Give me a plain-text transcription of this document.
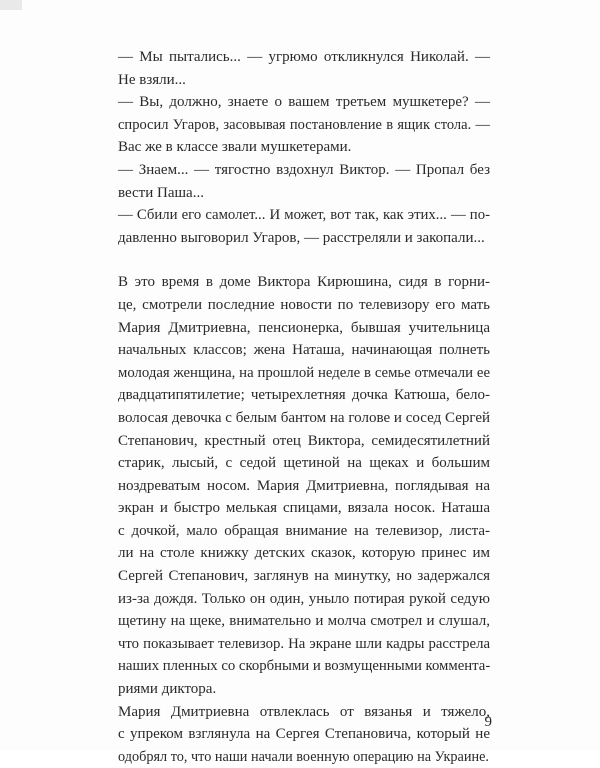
— Мы пытались... — угрюмо откликнулся Николай. —
Не взяли...

— Вы, должно, знаете о вашем третьем мушкетере? —
спросил Угаров, засовывая постановление в ящик стола. —
Вас же в классе звали мушкетерами.

— Знаем... — тягостно вздохнул Виктор. — Пропал без
вести Паша...

— Сбили его самолет... И может, вот так, как этих... — по-
давленно выговорил Угаров, — расстреляли и закопали...

В это время в доме Виктора Кирюшина, сидя в горни-
це, смотрели последние новости по телевизору его мать
Мария Дмитриевна, пенсионерка, бывшая учительница
начальных классов; жена Наташа, начинающая полнеть
молодая женщина, на прошлой неделе в семье отмечали ее
двадцатипятилетие; четырехлетняя дочка Катюша, бело-
волосая девочка с белым бантом на голове и сосед Сергей
Степанович, крестный отец Виктора, семидесятилетний
старик, лысый, с седой щетиной на щеках и большим
ноздреватым носом. Мария Дмитриевна, поглядывая на
экран и быстро мелькая спицами, вязала носок. Наташа
с дочкой, мало обращая внимание на телевизор, листа-
ли на столе книжку детских сказок, которую принес им
Сергей Степанович, заглянув на минутку, но задержался
из-за дождя. Только он один, уныло потирая рукой седую
щетину на щеке, внимательно и молча смотрел и слушал,
что показывает телевизор. На экране шли кадры расстрела
наших пленных со скорбными и возмущенными коммента-
риями диктора.

Мария Дмитриевна отвлеклась от вязанья и тяжело,
с упреком взглянула на Сергея Степановича, который не
одобрял то, что наши начали военную операцию на Украине.

9
